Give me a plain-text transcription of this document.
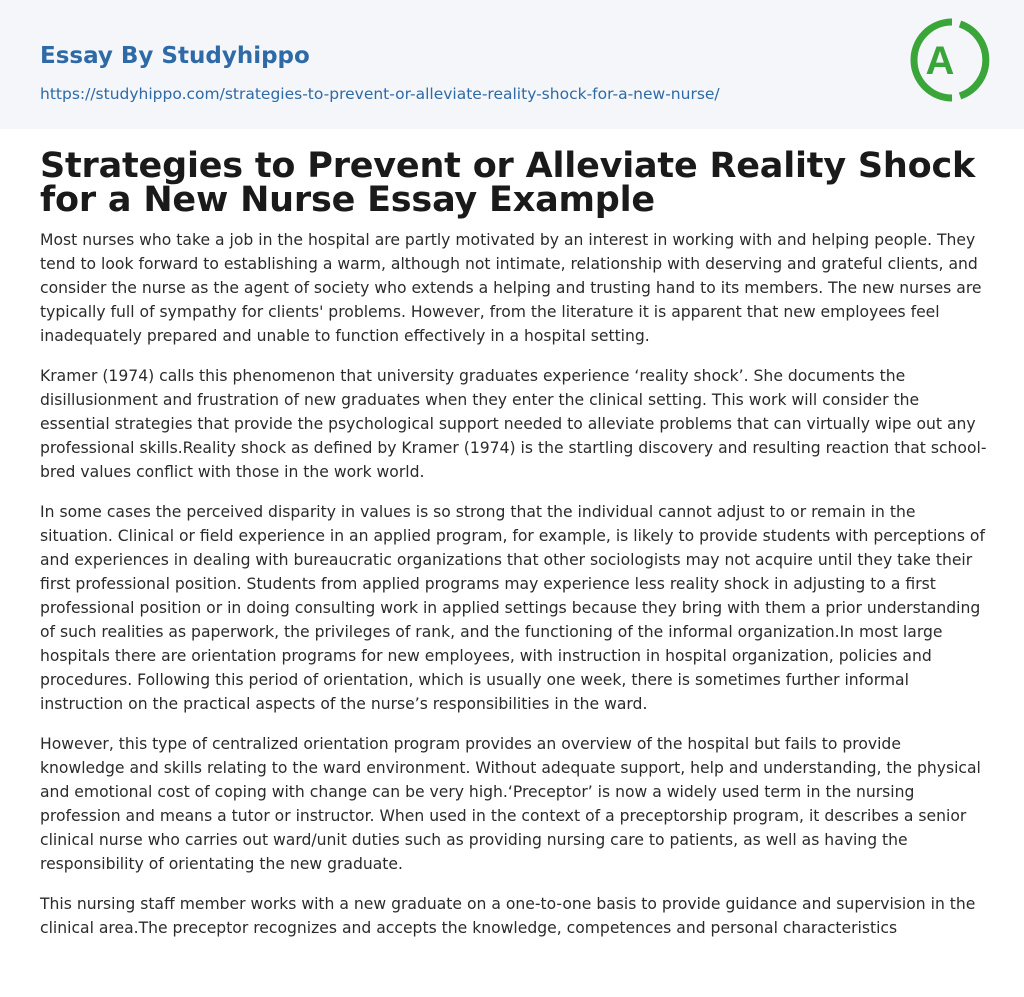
Essay By Studyhippo
https://studyhippo.com/strategies-to-prevent-or-alleviate-reality-shock-for-a-new-nurse/
A
Strategies to Prevent or Alleviate Reality Shock for a New Nurse Essay Example

Most nurses who take a job in the hospital are partly motivated by an interest in working with and helping people. They tend to look forward to establishing a warm, although not intimate, relationship with deserving and grateful clients, and consider the nurse as the agent of society who extends a helping and trusting hand to its members. The new nurses are typically full of sympathy for clients' problems. However, from the literature it is apparent that new employees feel inadequately prepared and unable to function effectively in a hospital setting.

Kramer (1974) calls this phenomenon that university graduates experience ‘reality shock’. She documents the disillusionment and frustration of new graduates when they enter the clinical setting. This work will consider the essential strategies that provide the psychological support needed to alleviate problems that can virtually wipe out any professional skills.Reality shock as defined by Kramer (1974) is the startling discovery and resulting reaction that school-bred values conflict with those in the work world.

In some cases the perceived disparity in values is so strong that the individual cannot adjust to or remain in the situation. Clinical or field experience in an applied program, for example, is likely to provide students with perceptions of and experiences in dealing with bureaucratic organizations that other sociologists may not acquire until they take their first professional position. Students from applied programs may experience less reality shock in adjusting to a first professional position or in doing consulting work in applied settings because they bring with them a prior understanding of such realities as paperwork, the privileges of rank, and the functioning of the informal organization.In most large hospitals there are orientation programs for new employees, with instruction in hospital organization, policies and procedures. Following this period of orientation, which is usually one week, there is sometimes further informal instruction on the practical aspects of the nurse’s responsibilities in the ward.

However, this type of centralized orientation program provides an overview of the hospital but fails to provide knowledge and skills relating to the ward environment. Without adequate support, help and understanding, the physical and emotional cost of coping with change can be very high.‘Preceptor’ is now a widely used term in the nursing profession and means a tutor or instructor. When used in the context of a preceptorship program, it describes a senior clinical nurse who carries out ward/unit duties such as providing nursing care to patients, as well as having the responsibility of orientating the new graduate.

This nursing staff member works with a new graduate on a one-to-one basis to provide guidance and supervision in the clinical area.The preceptor recognizes and accepts the knowledge, competences and personal characteristics
